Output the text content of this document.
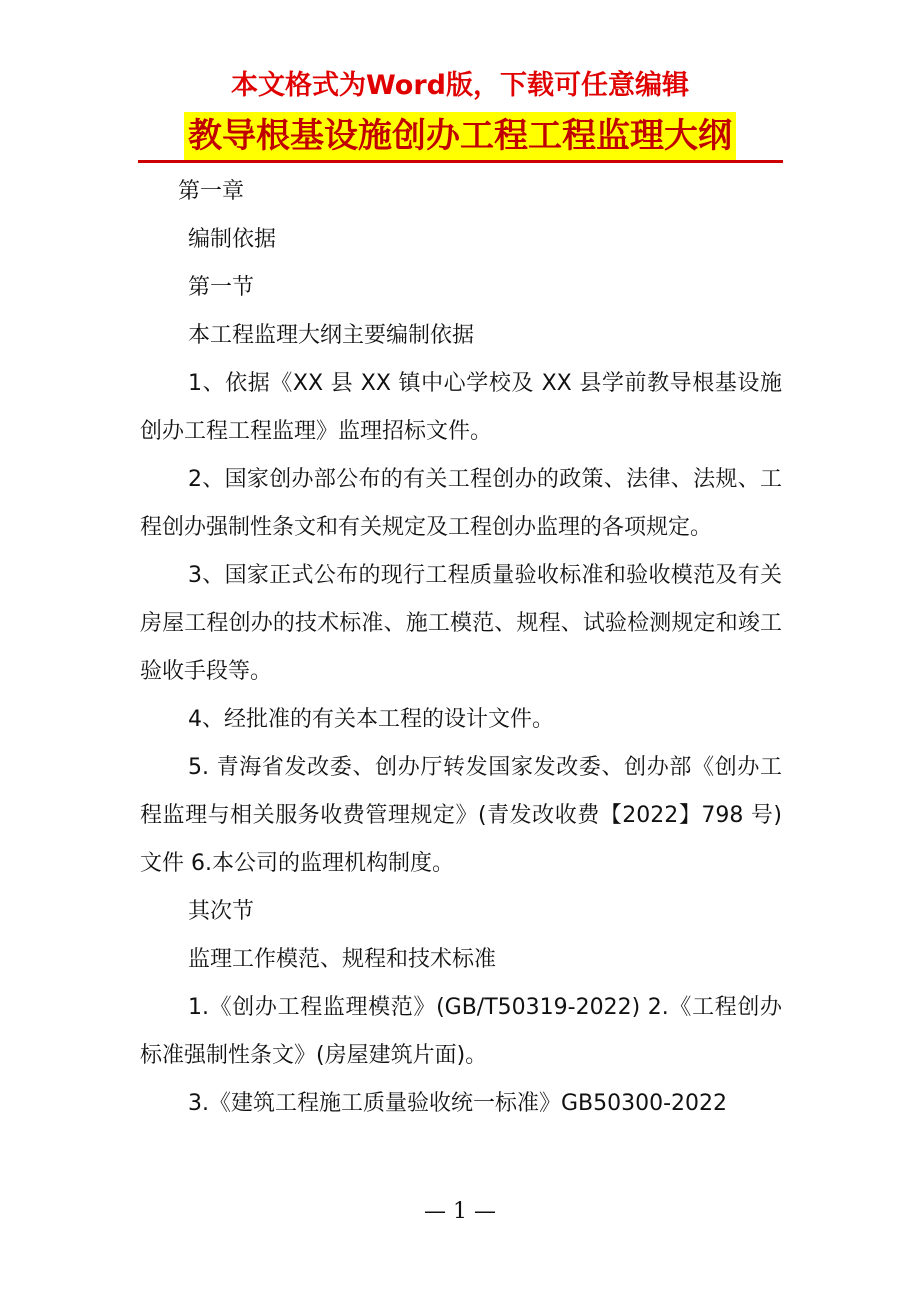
本文格式为Word版，下载可任意编辑
教导根基设施创办工程工程监理大纲

第一章

编制依据

第一节

本工程监理大纲主要编制依据

1、依据《XX 县 XX 镇中心学校及 XX 县学前教导根基设施创办工程工程监理》监理招标文件。

2、国家创办部公布的有关工程创办的政策、法律、法规、工程创办强制性条文和有关规定及工程创办监理的各项规定。

3、国家正式公布的现行工程质量验收标准和验收模范及有关房屋工程创办的技术标准、施工模范、规程、试验检测规定和竣工验收手段等。

4、经批准的有关本工程的设计文件。

5. 青海省发改委、创办厅转发国家发改委、创办部《创办工程监理与相关服务收费管理规定》(青发改收费【2022】798 号) 文件 6.本公司的监理机构制度。

其次节

监理工作模范、规程和技术标准

1.《创办工程监理模范》(GB/T50319-2022) 2.《工程创办标准强制性条文》(房屋建筑片面)。

3.《建筑工程施工质量验收统一标准》GB50300-2022

— 1 —
